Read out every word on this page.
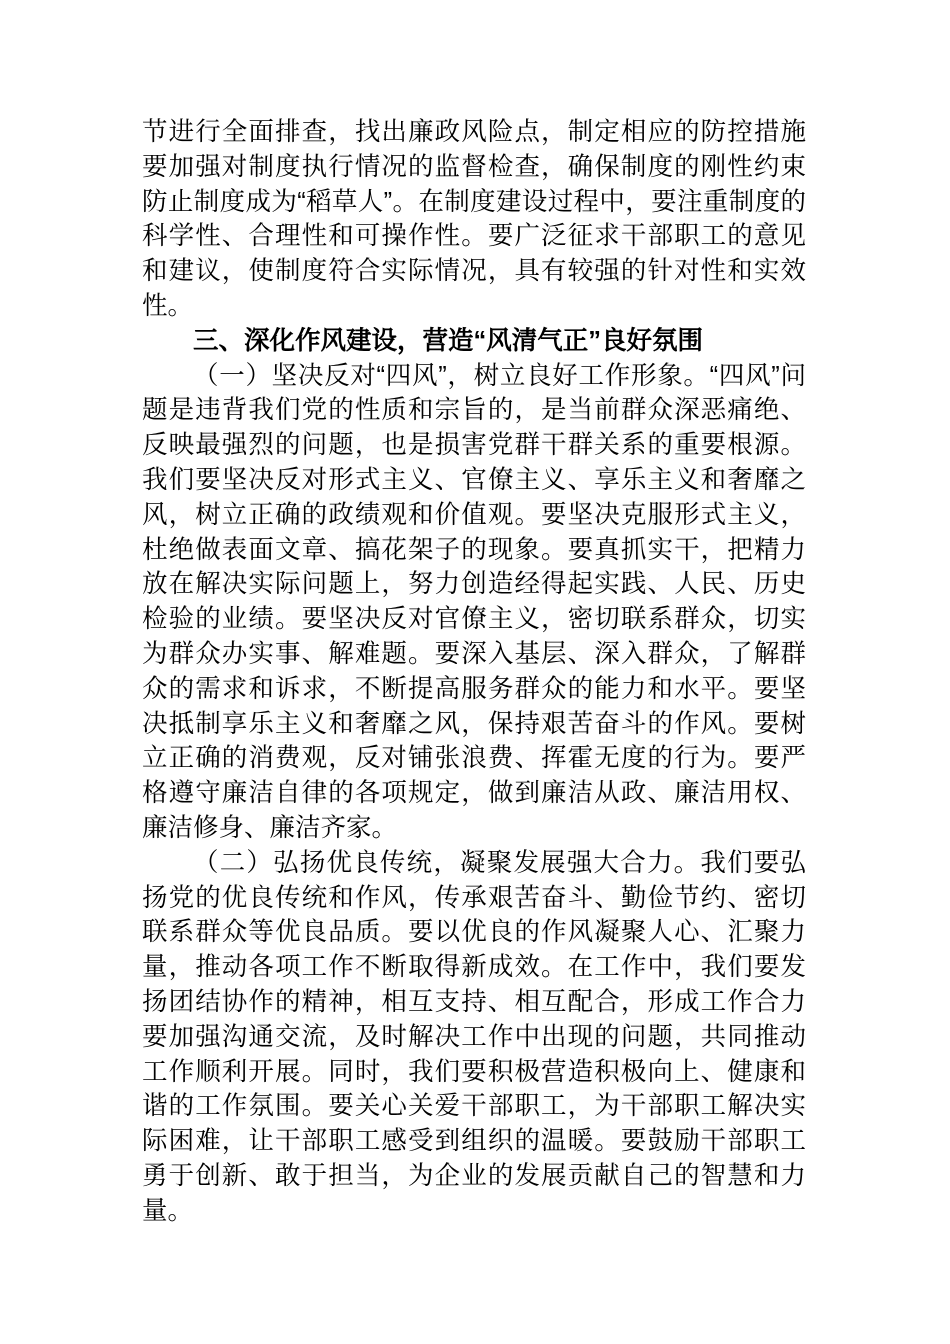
节进行全面排查，找出廉政风险点，制定相应的防控措施
要加强对制度执行情况的监督检查，确保制度的刚性约束
防止制度成为“稻草人”。在制度建设过程中，要注重制度的
科学性、合理性和可操作性。要广泛征求干部职工的意见
和建议，使制度符合实际情况，具有较强的针对性和实效
性。
三、深化作风建设，营造“风清气正”良好氛围
（一）坚决反对“四风”，树立良好工作形象。“四风”问
题是违背我们党的性质和宗旨的，是当前群众深恶痛绝、
反映最强烈的问题，也是损害党群干群关系的重要根源。
我们要坚决反对形式主义、官僚主义、享乐主义和奢靡之
风，树立正确的政绩观和价值观。要坚决克服形式主义，
杜绝做表面文章、搞花架子的现象。要真抓实干，把精力
放在解决实际问题上，努力创造经得起实践、人民、历史
检验的业绩。要坚决反对官僚主义，密切联系群众，切实
为群众办实事、解难题。要深入基层、深入群众，了解群
众的需求和诉求，不断提高服务群众的能力和水平。要坚
决抵制享乐主义和奢靡之风，保持艰苦奋斗的作风。要树
立正确的消费观，反对铺张浪费、挥霍无度的行为。要严
格遵守廉洁自律的各项规定，做到廉洁从政、廉洁用权、
廉洁修身、廉洁齐家。
（二）弘扬优良传统，凝聚发展强大合力。我们要弘
扬党的优良传统和作风，传承艰苦奋斗、勤俭节约、密切
联系群众等优良品质。要以优良的作风凝聚人心、汇聚力
量，推动各项工作不断取得新成效。在工作中，我们要发
扬团结协作的精神，相互支持、相互配合，形成工作合力
要加强沟通交流，及时解决工作中出现的问题，共同推动
工作顺利开展。同时，我们要积极营造积极向上、健康和
谐的工作氛围。要关心关爱干部职工，为干部职工解决实
际困难，让干部职工感受到组织的温暖。要鼓励干部职工
勇于创新、敢于担当，为企业的发展贡献自己的智慧和力
量。
